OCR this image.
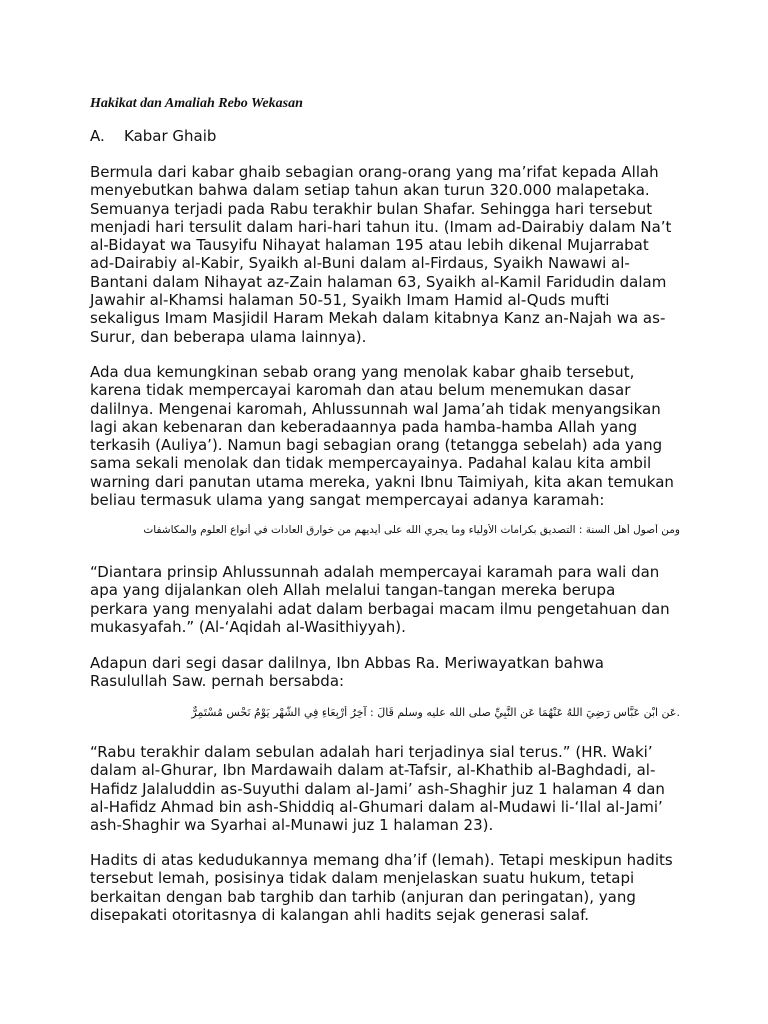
Hakikat dan Amaliah Rebo Wekasan
A. Kabar Ghaib
Bermula dari kabar ghaib sebagian orang-orang yang ma’rifat kepada Allah
menyebutkan bahwa dalam setiap tahun akan turun 320.000 malapetaka.
Semuanya terjadi pada Rabu terakhir bulan Shafar. Sehingga hari tersebut
menjadi hari tersulit dalam hari-hari tahun itu. (Imam ad-Dairabiy dalam Na’t
al-Bidayat wa Tausyifu Nihayat halaman 195 atau lebih dikenal Mujarrabat
ad-Dairabiy al-Kabir, Syaikh al-Buni dalam al-Firdaus, Syaikh Nawawi al-
Bantani dalam Nihayat az-Zain halaman 63, Syaikh al-Kamil Faridudin dalam
Jawahir al-Khamsi halaman 50-51, Syaikh Imam Hamid al-Quds mufti
sekaligus Imam Masjidil Haram Mekah dalam kitabnya Kanz an-Najah wa as-
Surur, dan beberapa ulama lainnya).
Ada dua kemungkinan sebab orang yang menolak kabar ghaib tersebut,
karena tidak mempercayai karomah dan atau belum menemukan dasar
dalilnya. Mengenai karomah, Ahlussunnah wal Jama’ah tidak menyangsikan
lagi akan kebenaran dan keberadaannya pada hamba-hamba Allah yang
terkasih (Auliya’). Namun bagi sebagian orang (tetangga sebelah) ada yang
sama sekali menolak dan tidak mempercayainya. Padahal kalau kita ambil
warning dari panutan utama mereka, yakni Ibnu Taimiyah, kita akan temukan
beliau termasuk ulama yang sangat mempercayai adanya karamah:
ومن أصول أهل السنة : التصديق بكرامات الأولياء وما يجري الله على أيديهم من خوارق العادات في أنواع العلوم والمكاشفات
“Diantara prinsip Ahlussunnah adalah mempercayai karamah para wali dan
apa yang dijalankan oleh Allah melalui tangan-tangan mereka berupa
perkara yang menyalahi adat dalam berbagai macam ilmu pengetahuan dan
mukasyafah.” (Al-‘Aqidah al-Wasithiyyah).
Adapun dari segi dasar dalilnya, Ibn Abbas Ra. Meriwayatkan bahwa
Rasulullah Saw. pernah bersabda:
.عَنِ ابْنِ عَبَّاسٍ رَضِيَ اللهُ عَنْهُمَا عَنِ النَّبِيِّ صلى الله عليه وسلم قَالَ : آخِرُ أَرْبِعَاءِ فِي الشَّهْرِ يَوْمُ نَحْسٍ مُسْتَمِرٌّ
“Rabu terakhir dalam sebulan adalah hari terjadinya sial terus.” (HR. Waki’
dalam al-Ghurar, Ibn Mardawaih dalam at-Tafsir, al-Khathib al-Baghdadi, al-
Hafidz Jalaluddin as-Suyuthi dalam al-Jami’ ash-Shaghir juz 1 halaman 4 dan
al-Hafidz Ahmad bin ash-Shiddiq al-Ghumari dalam al-Mudawi li-‘Ilal al-Jami’
ash-Shaghir wa Syarhai al-Munawi juz 1 halaman 23).
Hadits di atas kedudukannya memang dha’if (lemah). Tetapi meskipun hadits
tersebut lemah, posisinya tidak dalam menjelaskan suatu hukum, tetapi
berkaitan dengan bab targhib dan tarhib (anjuran dan peringatan), yang
disepakati otoritasnya di kalangan ahli hadits sejak generasi salaf.
